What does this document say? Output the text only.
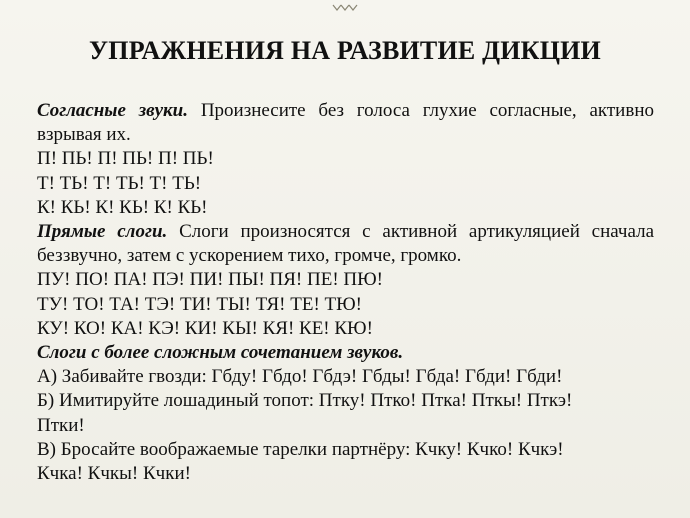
УПРАЖНЕНИЯ НА РАЗВИТИЕ ДИКЦИИ
Согласные звуки. Произнесите без голоса глухие согласные, активно взрывая их.
П! ПЬ! П! ПЬ! П! ПЬ!
Т! ТЬ! Т! ТЬ! Т! ТЬ!
К! КЬ! К! КЬ! К! КЬ!
Прямые слоги. Слоги произносятся с активной артикуляцией сначала беззвучно, затем с ускорением тихо, громче, громко.
ПУ! ПО! ПА! ПЭ! ПИ! ПЫ! ПЯ! ПЕ! ПЮ!
ТУ! ТО! ТА! ТЭ! ТИ! ТЫ! ТЯ! ТЕ! ТЮ!
КУ! КО! КА! КЭ! КИ! КЫ! КЯ! КЕ! КЮ!
Слоги с более сложным сочетанием звуков.
А) Забивайте гвозди: Гбду! Гбдо! Гбдэ! Гбды! Гбда! Гбди! Гбди!
Б) Имитируйте лошадиный топот: Птку! Птко! Птка! Пткы! Пткэ!
Птки!
В) Бросайте воображаемые тарелки партнёру: Кчку! Кчко! Кчкэ!
Кчка! Кчкы! Кчки!
